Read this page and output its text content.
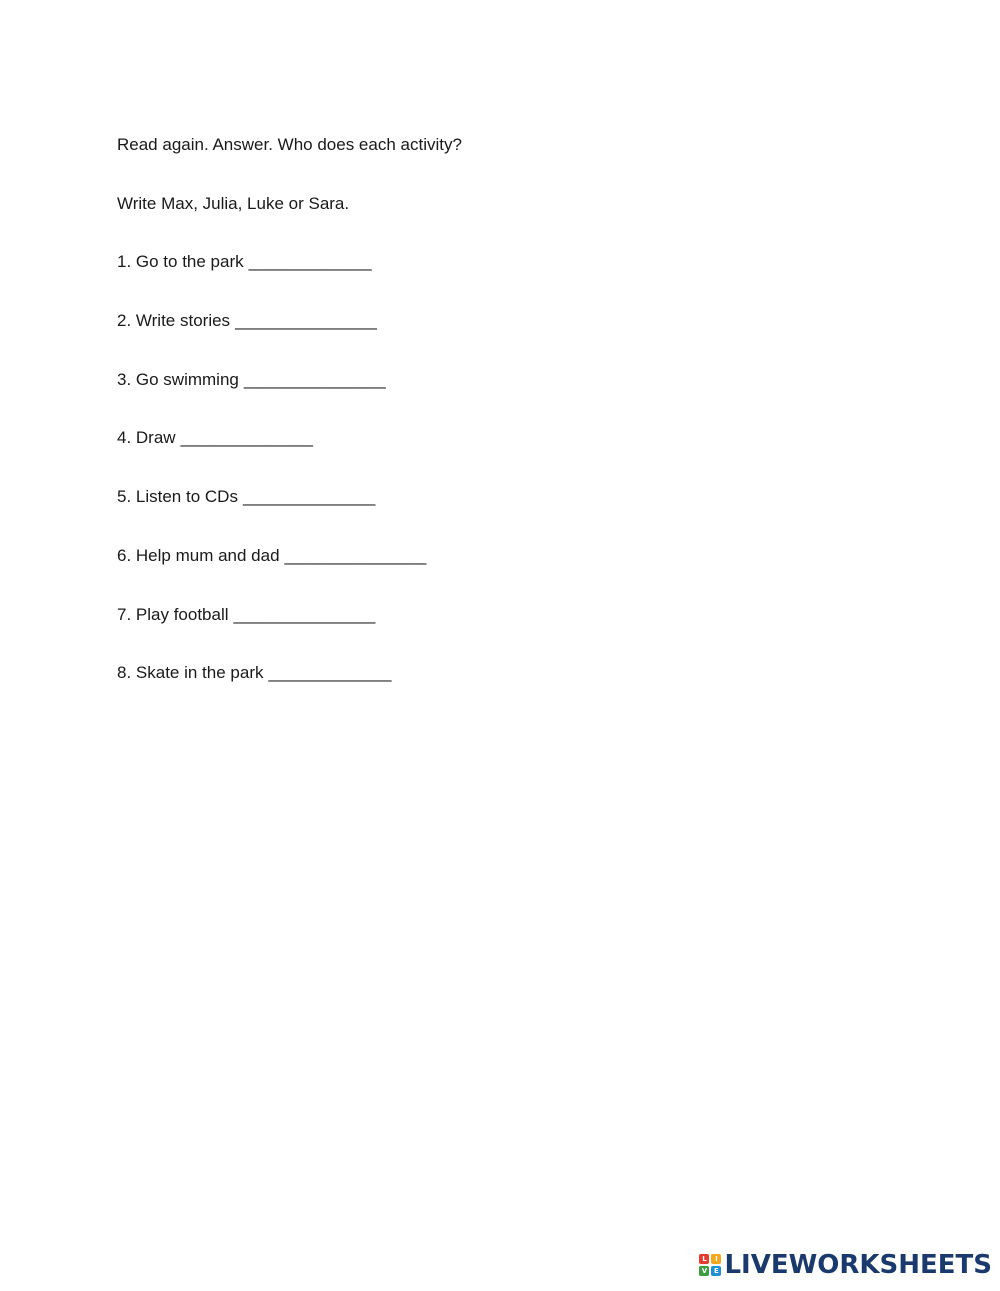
Read again. Answer. Who does each activity?
Write Max, Julia, Luke or Sara.
1. Go to the park _____________
2. Write stories _______________
3. Go swimming _______________
4. Draw ______________
5. Listen to CDs ______________
6. Help mum and dad _______________
7. Play football _______________
8. Skate in the park _____________
L	I
V E LIVEWORKSHEETS
